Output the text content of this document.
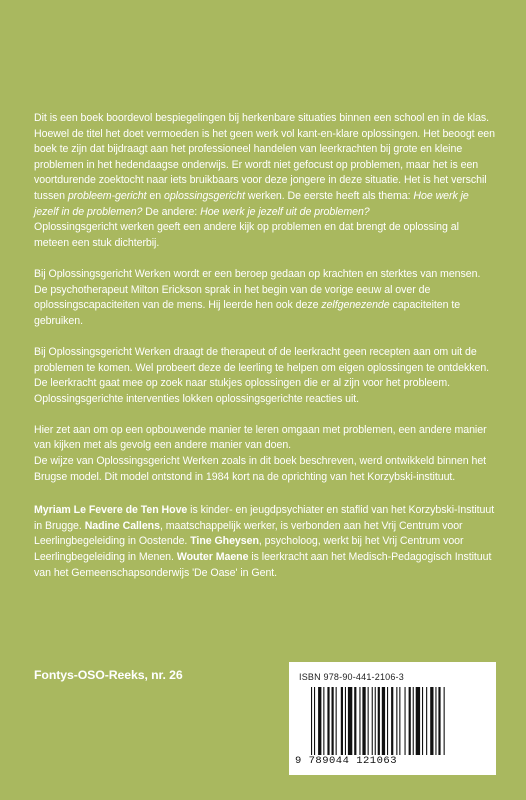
Dit is een boek boordevol bespiegelingen bij herkenbare situaties binnen een school en in de klas. Hoewel de titel het doet vermoeden is het geen werk vol kant-en-klare oplossingen. Het beoogt een boek te zijn dat bijdraagt aan het professioneel handelen van leerkrachten bij grote en kleine problemen in het hedendaagse onderwijs. Er wordt niet gefocust op problemen, maar het is een voortdurende zoektocht naar iets bruikbaars voor deze jongere in deze situatie. Het is het verschil tussen probleem-gericht en oplossingsgericht werken. De eerste heeft als thema: Hoe werk je jezelf in de problemen? De andere: Hoe werk je jezelf uit de problemen?

Oplossingsgericht werken geeft een andere kijk op problemen en dat brengt de oplossing al meteen een stuk dichterbij.

Bij Oplossingsgericht Werken wordt er een beroep gedaan op krachten en sterktes van mensen. De psychotherapeut Milton Erickson sprak in het begin van de vorige eeuw al over de oplossingscapaciteiten van de mens. Hij leerde hen ook deze zelfgenezende capaciteiten te gebruiken.

Bij Oplossingsgericht Werken draagt de therapeut of de leerkracht geen recepten aan om uit de problemen te komen. Wel probeert deze de leerling te helpen om eigen oplossingen te ontdekken. De leerkracht gaat mee op zoek naar stukjes oplossingen die er al zijn voor het probleem. Oplossingsgerichte interventies lokken oplossingsgerichte reacties uit.

Hier zet aan om op een opbouwende manier te leren omgaan met problemen, een andere manier van kijken met als gevolg een andere manier van doen.

De wijze van Oplossingsgericht Werken zoals in dit boek beschreven, werd ontwikkeld binnen het Brugse model. Dit model ontstond in 1984 kort na de oprichting van het Korzybski-instituut.

Myriam Le Fevere de Ten Hove is kinder- en jeugdpsychiater en staflid van het Korzybski-Instituut in Brugge. Nadine Callens, maatschappelijk werker, is verbonden aan het Vrij Centrum voor Leerlingbegeleiding in Oostende. Tine Gheysen, psycholoog, werkt bij het Vrij Centrum voor Leerlingbegeleiding in Menen. Wouter Maene is leerkracht aan het Medisch-Pedagogisch Instituut van het Gemeenschapsonderwijs 'De Oase' in Gent.

Fontys-OSO-Reeks, nr. 26	ISBN 978-90-441-2106-3
9 789044 121063
